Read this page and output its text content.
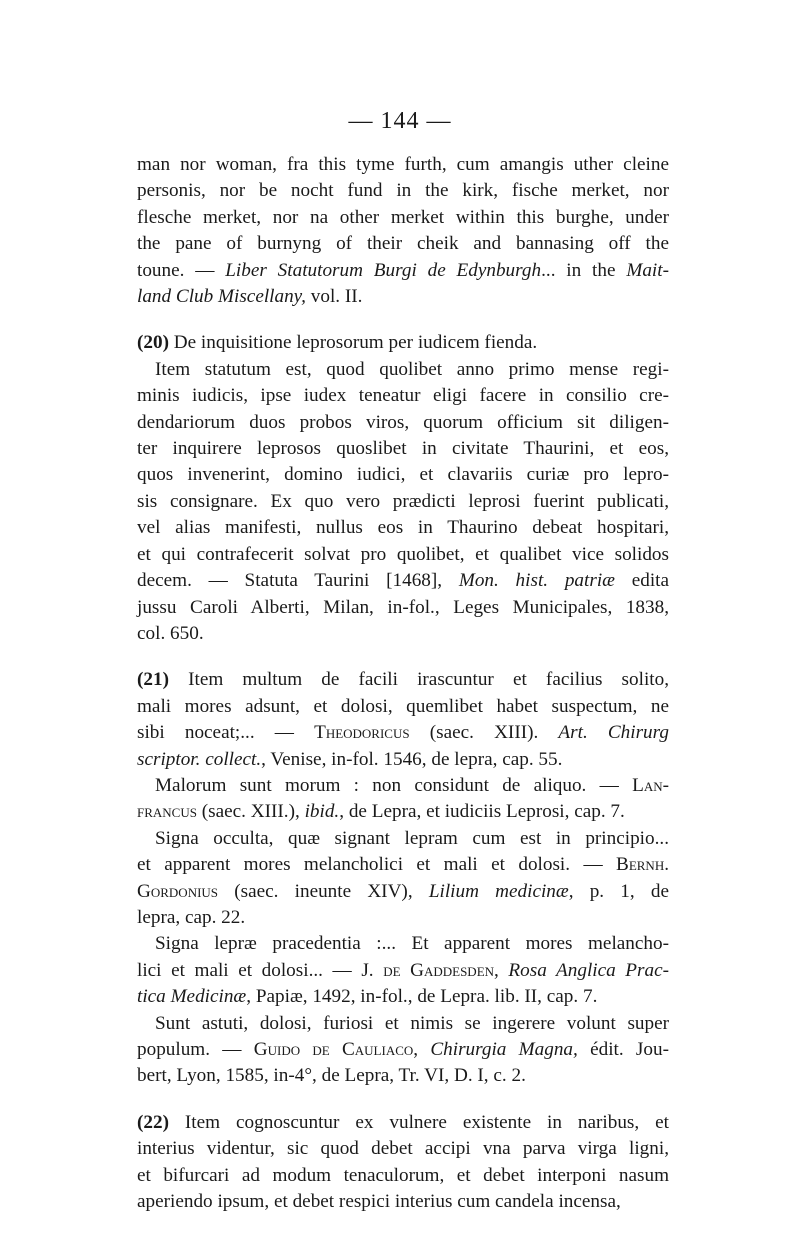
— 144 —
man nor woman, fra this tyme furth, cum amangis uther cleine
personis, nor be nocht fund in the kirk, fische merket, nor
flesche merket, nor na other merket within this burghe, under
the pane of burnyng of their cheik and bannasing off the
toune. — Liber Statutorum Burgi de Edynburgh... in the Mait-
land Club Miscellany, vol. II.
(20) De inquisitione leprosorum per iudicem fienda.
Item statutum est, quod quolibet anno primo mense regi-
minis iudicis, ipse iudex teneatur eligi facere in consilio cre-
dendariorum duos probos viros, quorum officium sit diligen-
ter inquirere leprosos quoslibet in civitate Thaurini, et eos,
quos invenerint, domino iudici, et clavariis curiæ pro lepro-
sis consignare. Ex quo vero prædicti leprosi fuerint publicati,
vel alias manifesti, nullus eos in Thaurino debeat hospitari,
et qui contrafecerit solvat pro quolibet, et qualibet vice solidos
decem. — Statuta Taurini [1468], Mon. hist. patriæ edita
jussu Caroli Alberti, Milan, in-fol., Leges Municipales, 1838,
col. 650.
(21) Item multum de facili irascuntur et facilius solito,
mali mores adsunt, et dolosi, quemlibet habet suspectum, ne
sibi noceat;... — Theodoricus (saec. XIII). Art. Chirurg
scriptor. collect., Venise, in-fol. 1546, de lepra, cap. 55.
Malorum sunt morum : non considunt de aliquo. — Lan-
francus (saec. XIII.), ibid., de Lepra, et iudiciis Leprosi, cap. 7.
Signa occulta, quæ signant lepram cum est in principio...
et apparent mores melancholici et mali et dolosi. — Bernh.
Gordonius (saec. ineunte XIV), Lilium medicinæ, p. 1, de
lepra, cap. 22.
Signa lepræ pracedentia :... Et apparent mores melancho-
lici et mali et dolosi... — J. de Gaddesden, Rosa Anglica Prac-
tica Medicinæ, Papiæ, 1492, in-fol., de Lepra. lib. II, cap. 7.
Sunt astuti, dolosi, furiosi et nimis se ingerere volunt super
populum. — Guido de Cauliaco, Chirurgia Magna, édit. Jou-
bert, Lyon, 1585, in-4°, de Lepra, Tr. VI, D. I, c. 2.
(22) Item cognoscuntur ex vulnere existente in naribus, et
interius videntur, sic quod debet accipi vna parva virga ligni,
et bifurcari ad modum tenaculorum, et debet interponi nasum
aperiendo ipsum, et debet respici interius cum candela incensa,
